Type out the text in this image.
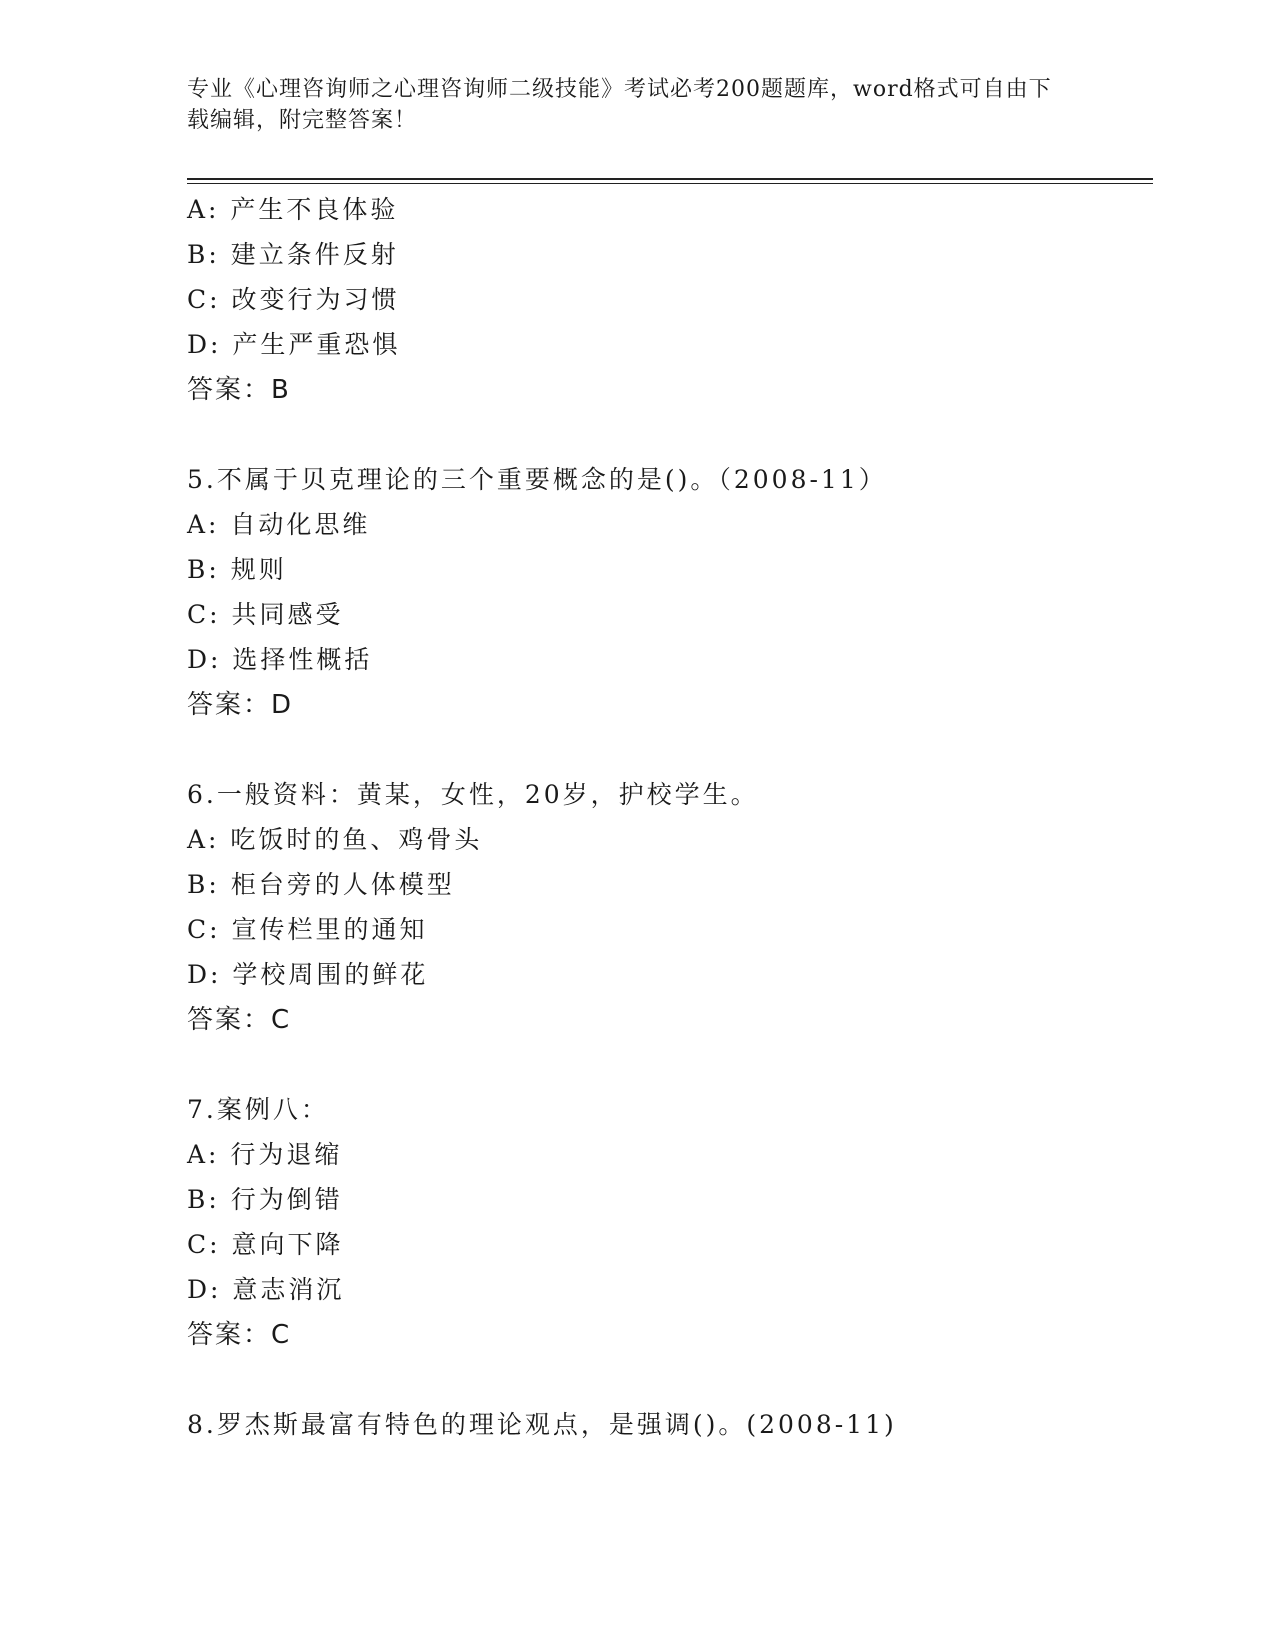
专业《心理咨询师之心理咨询师二级技能》考试必考200题题库，word格式可自由下载编辑，附完整答案！
A: 产生不良体验
B: 建立条件反射
C: 改变行为习惯
D: 产生严重恐惧
答案：B
5.不属于贝克理论的三个重要概念的是()。（2008-11）
A: 自动化思维
B: 规则
C: 共同感受
D: 选择性概括
答案：D
6.一般资料：黄某，女性，20岁，护校学生。
A: 吃饭时的鱼、鸡骨头
B: 柜台旁的人体模型
C: 宣传栏里的通知
D: 学校周围的鲜花
答案：C
7.案例八：
A: 行为退缩
B: 行为倒错
C: 意向下降
D: 意志消沉
答案：C
8.罗杰斯最富有特色的理论观点，是强调()。(2008-11)
